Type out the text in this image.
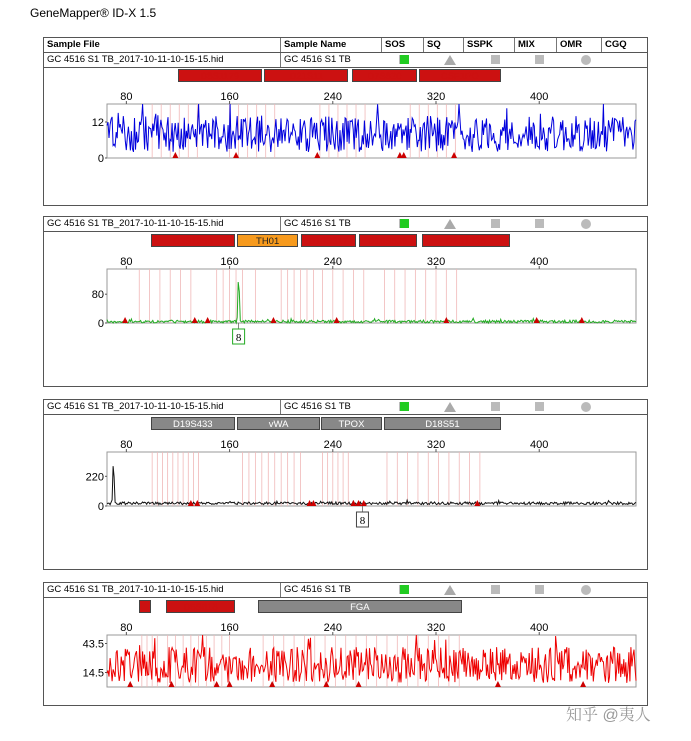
GeneMapper® ID-X 1.5
Sample File	Sample Name	SOS	SQ	SSPK	MIX	OMR	CGQ
GC 4516 S1 TB_2017-10-11-10-15-15.hid	GC 4516 S1 TB
D8S1179	D21S11	D7S820	CSF1PO
80	160	240	320	400
12
0
GC 4516 S1 TB_2017-10-11-10-15-15.hid	GC 4516 S1 TB
D3S1358	TH01	D13S317	D16S539	D2S1338
80	160	240	320	400
80
0
8
GC 4516 S1 TB_2017-10-11-10-15-15.hid	GC 4516 S1 TB
D19S433	vWA	TPOX	D18S51
80	160	240	320	400
220
0
8
GC 4516 S1 TB_2017-10-11-10-15-15.hid	GC 4516 S1 TB
D5S818	FGA
80	160	240	320	400
43.5
14.5
知乎 @夷人
